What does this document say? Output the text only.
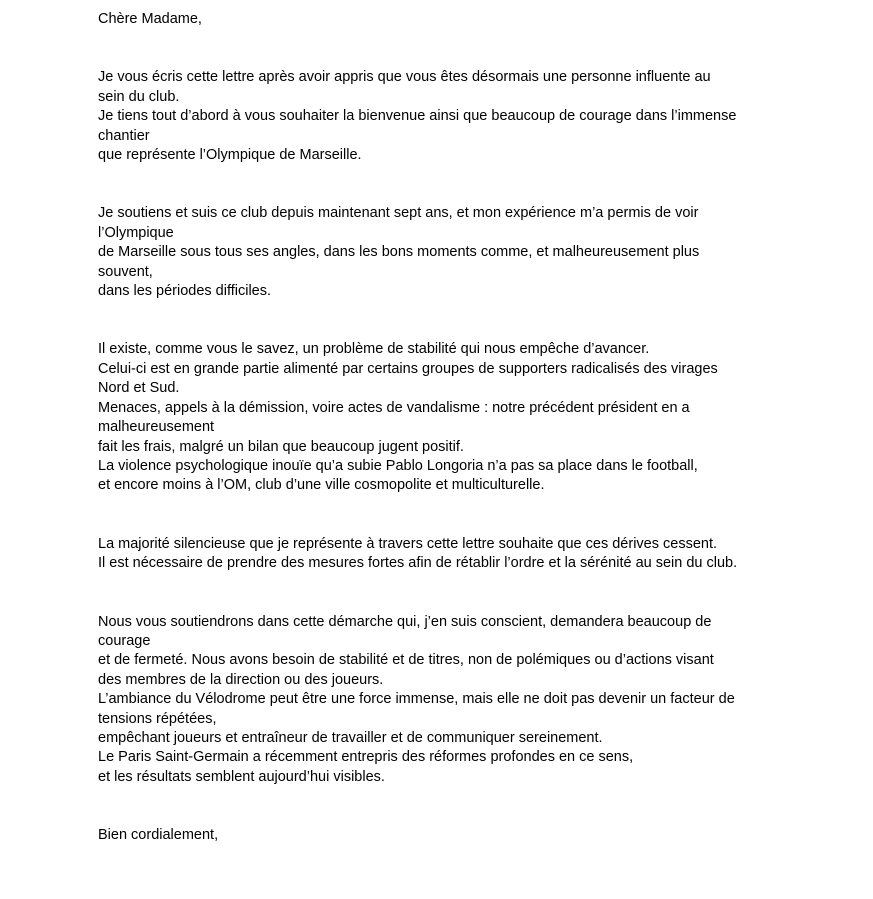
Chère Madame,
Je vous écris cette lettre après avoir appris que vous êtes désormais une personne influente au
sein du club.
Je tiens tout d’abord à vous souhaiter la bienvenue ainsi que beaucoup de courage dans l’immense
chantier
que représente l’Olympique de Marseille.
Je soutiens et suis ce club depuis maintenant sept ans, et mon expérience m’a permis de voir
l’Olympique
de Marseille sous tous ses angles, dans les bons moments comme, et malheureusement plus
souvent,
dans les périodes difficiles.
Il existe, comme vous le savez, un problème de stabilité qui nous empêche d’avancer.
Celui-ci est en grande partie alimenté par certains groupes de supporters radicalisés des virages
Nord et Sud.
Menaces, appels à la démission, voire actes de vandalisme : notre précédent président en a
malheureusement
fait les frais, malgré un bilan que beaucoup jugent positif.
La violence psychologique inouïe qu’a subie Pablo Longoria n’a pas sa place dans le football,
et encore moins à l’OM, club d’une ville cosmopolite et multiculturelle.
La majorité silencieuse que je représente à travers cette lettre souhaite que ces dérives cessent.
Il est nécessaire de prendre des mesures fortes afin de rétablir l’ordre et la sérénité au sein du club.
Nous vous soutiendrons dans cette démarche qui, j’en suis conscient, demandera beaucoup de
courage
et de fermeté. Nous avons besoin de stabilité et de titres, non de polémiques ou d’actions visant
des membres de la direction ou des joueurs.
L’ambiance du Vélodrome peut être une force immense, mais elle ne doit pas devenir un facteur de
tensions répétées,
empêchant joueurs et entraîneur de travailler et de communiquer sereinement.
Le Paris Saint-Germain a récemment entrepris des réformes profondes en ce sens,
et les résultats semblent aujourd’hui visibles.
Bien cordialement,
